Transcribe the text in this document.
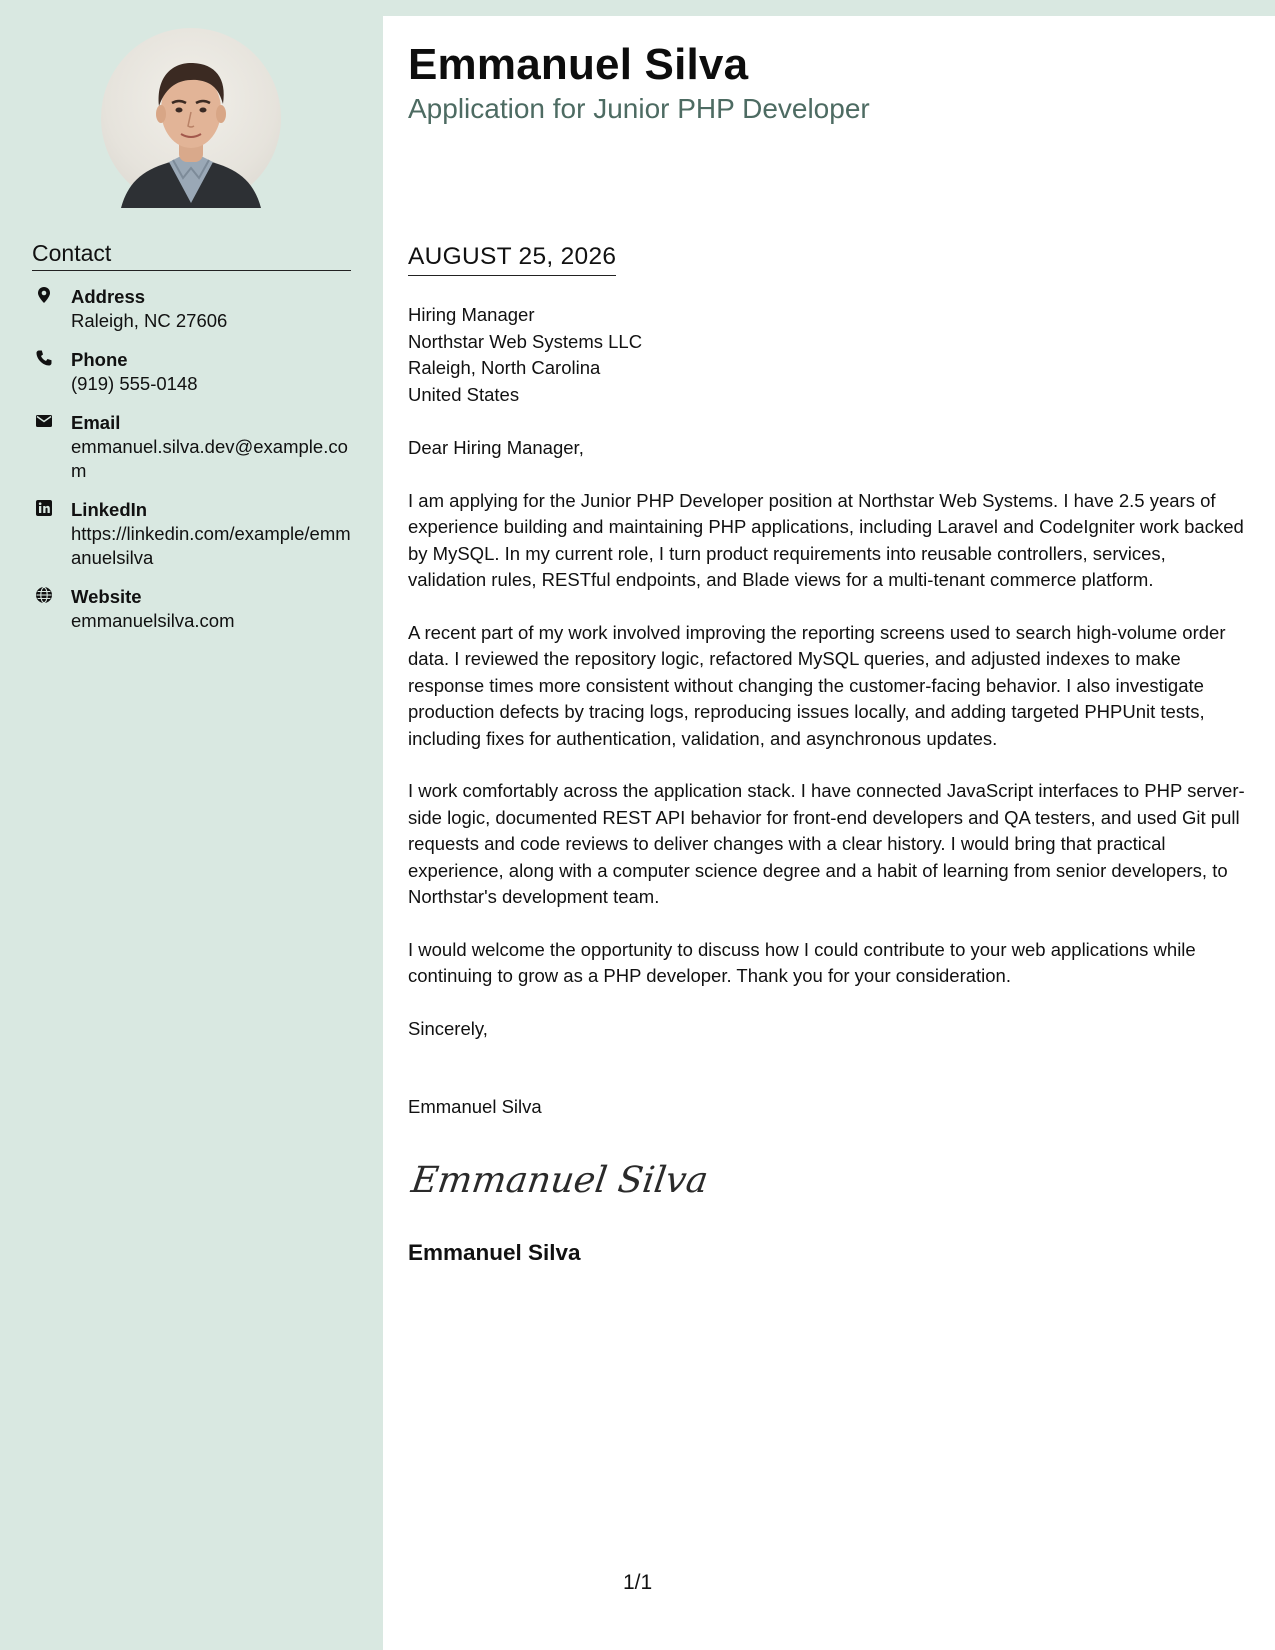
Contact
Address
Raleigh, NC 27606
Phone
(919) 555-0148
Email
emmanuel.silva.dev@example.com
LinkedIn
https://linkedin.com/example/emmanuelsilva
Website
emmanuelsilva.com
Emmanuel Silva
Application for Junior PHP Developer
AUGUST 25, 2026
Hiring Manager
Northstar Web Systems LLC
Raleigh, North Carolina
United States

Dear Hiring Manager,

I am applying for the Junior PHP Developer position at Northstar Web Systems. I have 2.5 years of experience building and maintaining PHP applications, including Laravel and CodeIgniter work backed by MySQL. In my current role, I turn product requirements into reusable controllers, services, validation rules, RESTful endpoints, and Blade views for a multi-tenant commerce platform.

A recent part of my work involved improving the reporting screens used to search high-volume order data. I reviewed the repository logic, refactored MySQL queries, and adjusted indexes to make response times more consistent without changing the customer-facing behavior. I also investigate production defects by tracing logs, reproducing issues locally, and adding targeted PHPUnit tests, including fixes for authentication, validation, and asynchronous updates.

I work comfortably across the application stack. I have connected JavaScript interfaces to PHP server-side logic, documented REST API behavior for front-end developers and QA testers, and used Git pull requests and code reviews to deliver changes with a clear history. I would bring that practical experience, along with a computer science degree and a habit of learning from senior developers, to Northstar's development team.

I would welcome the opportunity to discuss how I could contribute to your web applications while continuing to grow as a PHP developer. Thank you for your consideration.

Sincerely,

Emmanuel Silva
Emmanuel Silva
Emmanuel Silva
1/1
